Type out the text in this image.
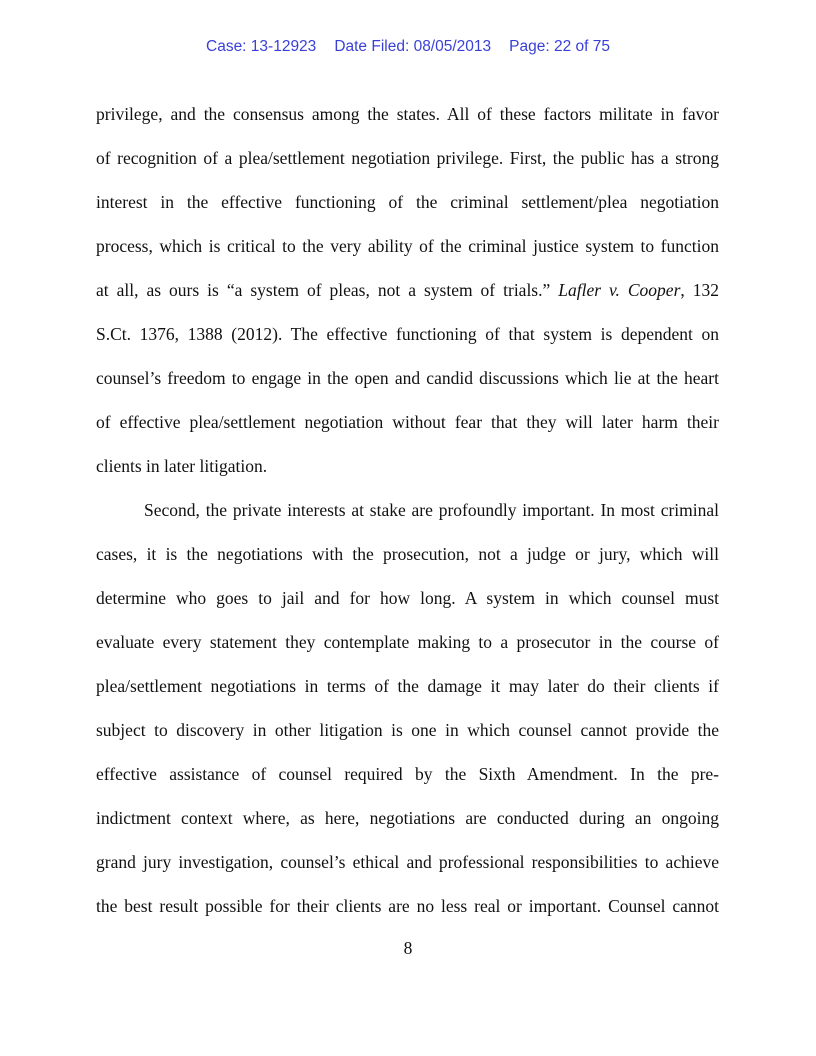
Case: 13-12923 Date Filed: 08/05/2013 Page: 22 of 75
privilege, and the consensus among the states. All of these factors militate in favor
of recognition of a plea/settlement negotiation privilege. First, the public has a strong
interest in the effective functioning of the criminal settlement/plea negotiation
process, which is critical to the very ability of the criminal justice system to function
at all, as ours is “a system of pleas, not a system of trials.” Lafler v. Cooper, 132
S.Ct. 1376, 1388 (2012). The effective functioning of that system is dependent on
counsel’s freedom to engage in the open and candid discussions which lie at the heart
of effective plea/settlement negotiation without fear that they will later harm their
clients in later litigation.
Second, the private interests at stake are profoundly important. In most criminal
cases, it is the negotiations with the prosecution, not a judge or jury, which will
determine who goes to jail and for how long. A system in which counsel must
evaluate every statement they contemplate making to a prosecutor in the course of
plea/settlement negotiations in terms of the damage it may later do their clients if
subject to discovery in other litigation is one in which counsel cannot provide the
effective assistance of counsel required by the Sixth Amendment. In the pre-
indictment context where, as here, negotiations are conducted during an ongoing
grand jury investigation, counsel’s ethical and professional responsibilities to achieve
the best result possible for their clients are no less real or important. Counsel cannot
8
